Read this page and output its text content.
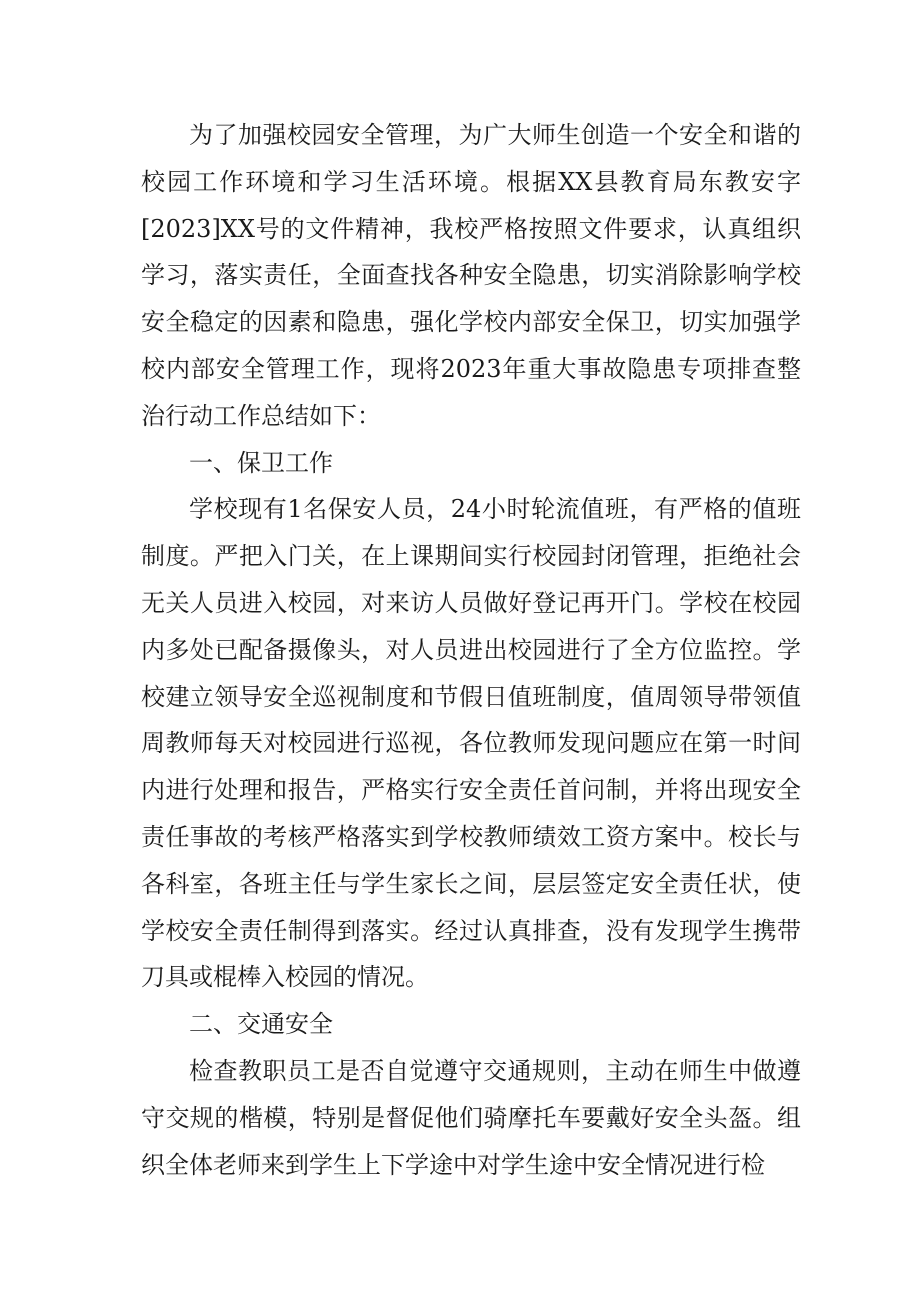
为了加强校园安全管理，为广大师生创造一个安全和谐的校园工作环境和学习生活环境。根据XX县教育局东教安字[2023]XX号的文件精神，我校严格按照文件要求，认真组织学习，落实责任，全面查找各种安全隐患，切实消除影响学校安全稳定的因素和隐患，强化学校内部安全保卫，切实加强学校内部安全管理工作，现将2023年重大事故隐患专项排查整治行动工作总结如下：

一、保卫工作

学校现有1名保安人员，24小时轮流值班，有严格的值班制度。严把入门关，在上课期间实行校园封闭管理，拒绝社会无关人员进入校园，对来访人员做好登记再开门。学校在校园内多处已配备摄像头，对人员进出校园进行了全方位监控。学校建立领导安全巡视制度和节假日值班制度，值周领导带领值周教师每天对校园进行巡视，各位教师发现问题应在第一时间内进行处理和报告，严格实行安全责任首问制，并将出现安全责任事故的考核严格落实到学校教师绩效工资方案中。校长与各科室，各班主任与学生家长之间，层层签定安全责任状，使学校安全责任制得到落实。经过认真排查，没有发现学生携带刀具或棍棒入校园的情况。

二、交通安全

检查教职员工是否自觉遵守交通规则，主动在师生中做遵守交规的楷模，特别是督促他们骑摩托车要戴好安全头盔。组织全体老师来到学生上下学途中对学生途中安全情况进行检
